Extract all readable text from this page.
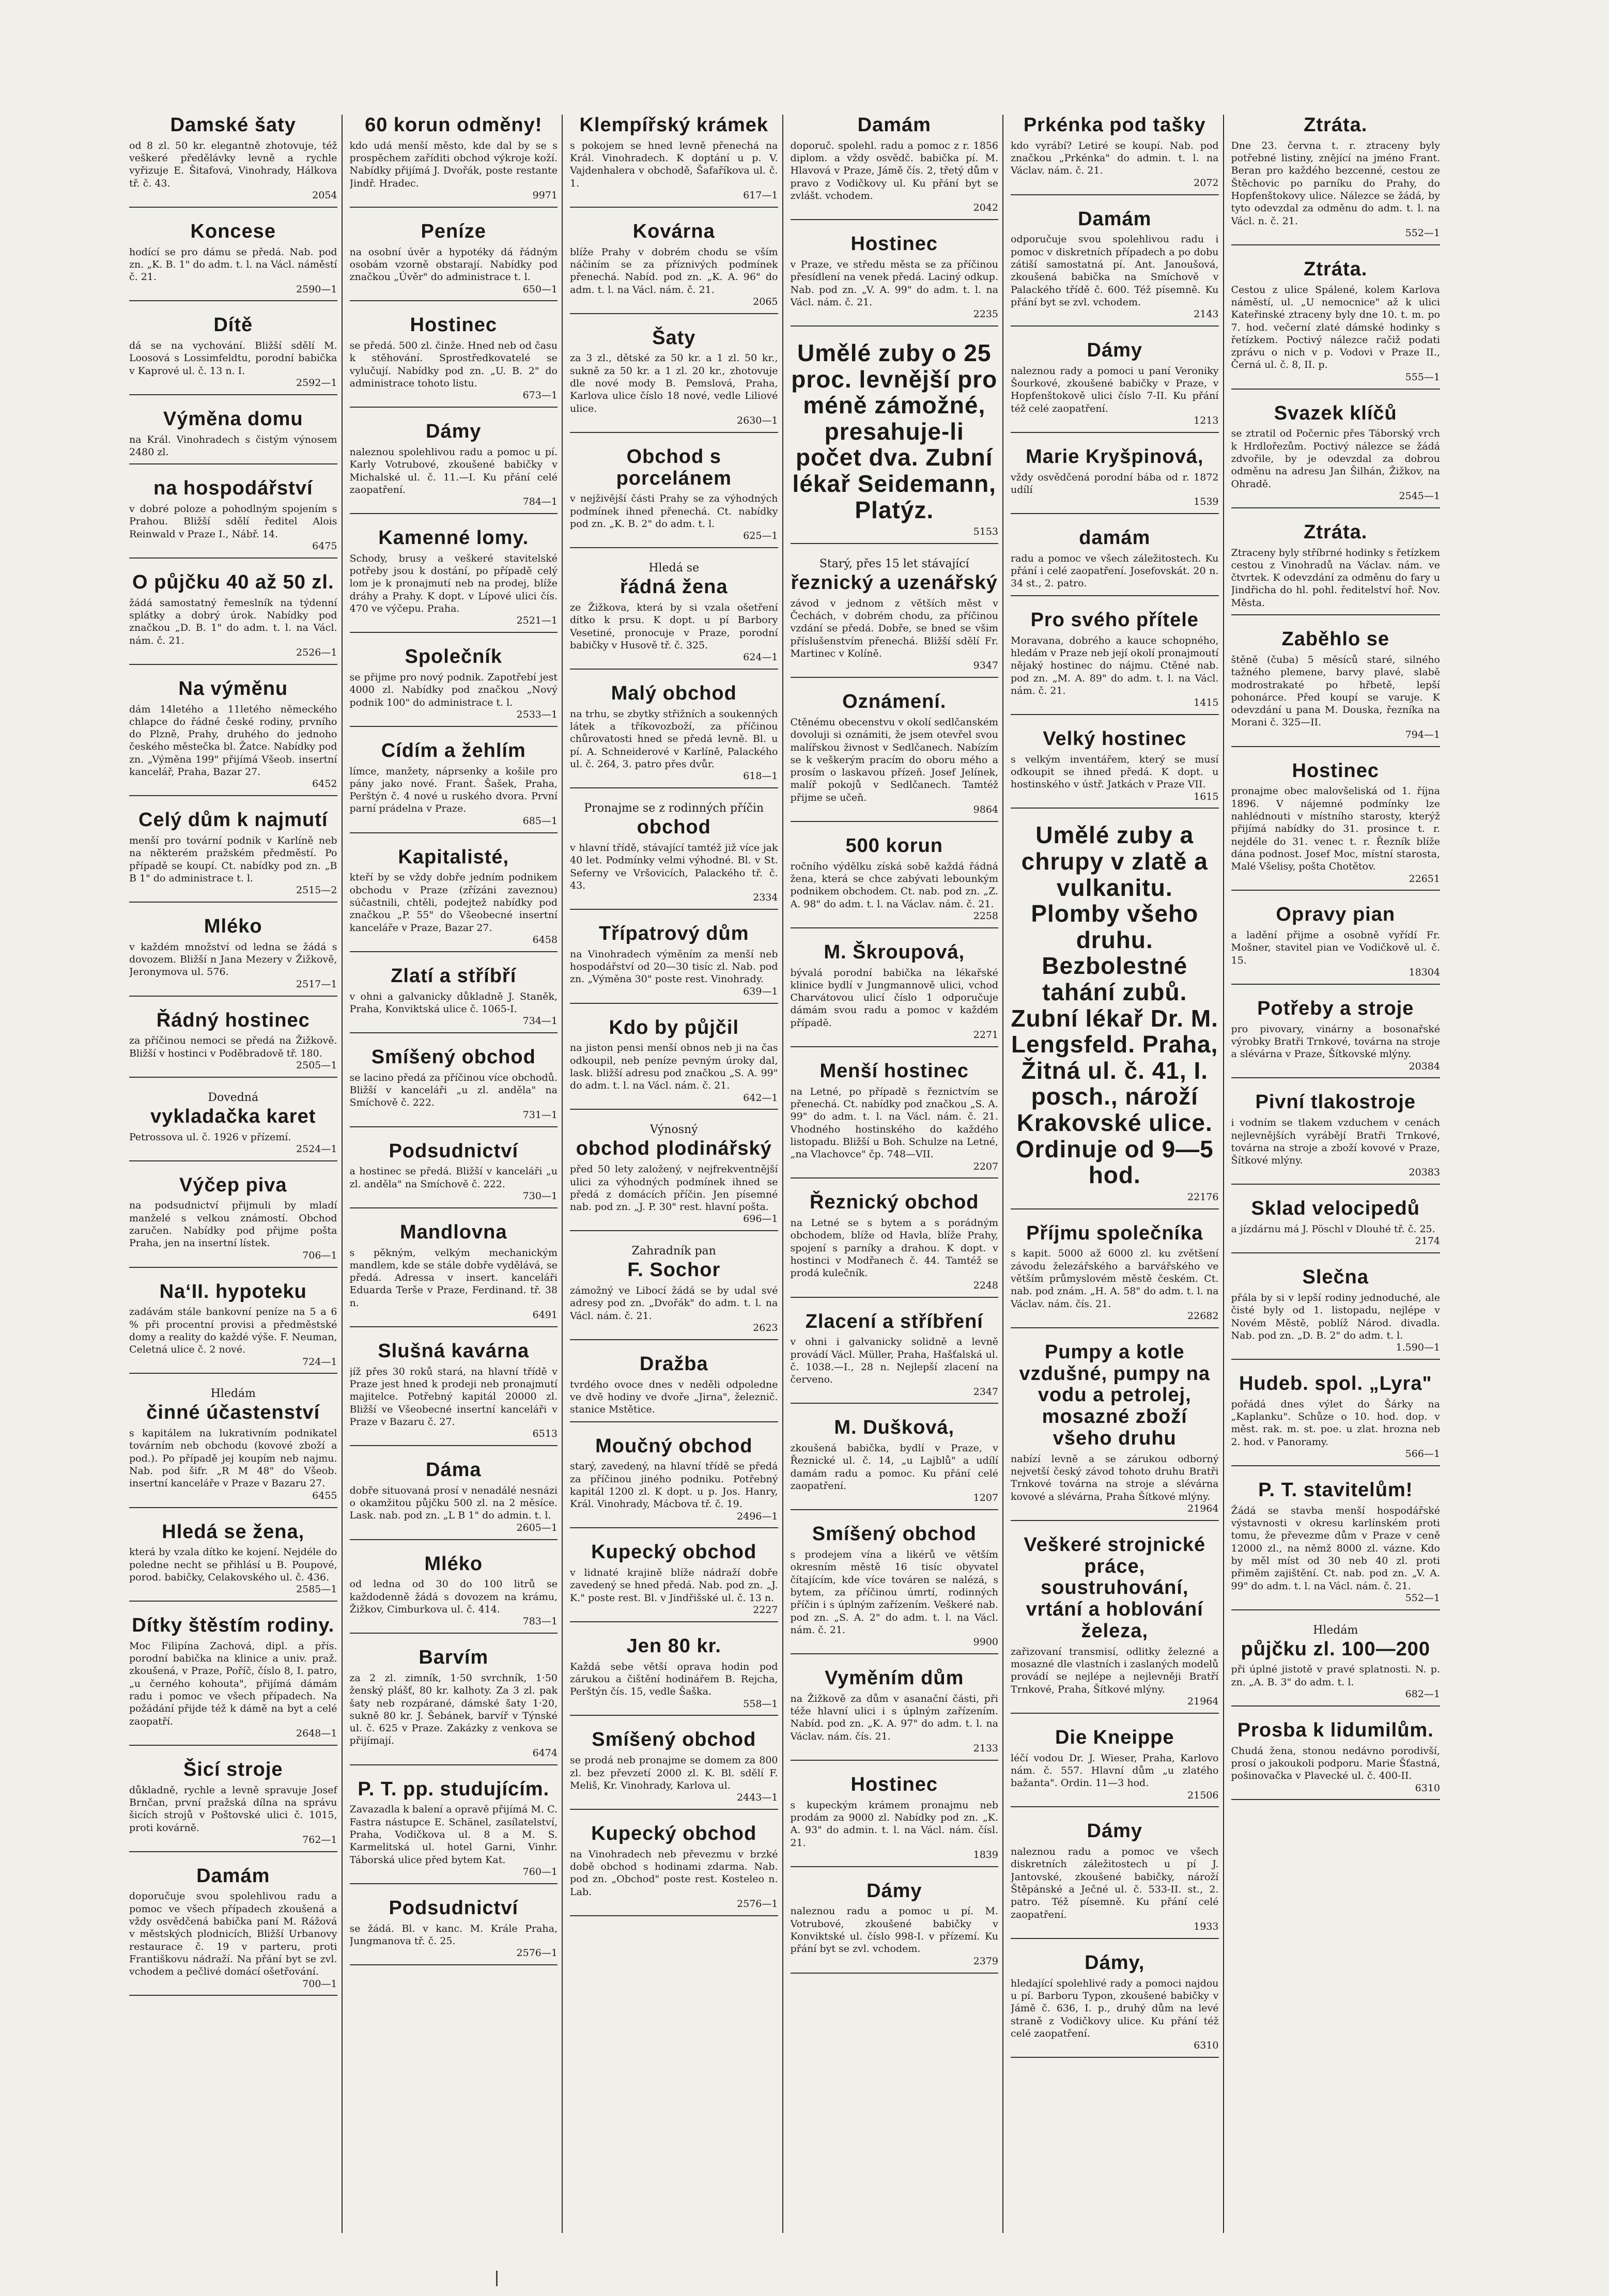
Damské šaty

od 8 zl. 50 kr. elegantně zhotovuje, též veškeré předělávky levně a rychle vyřizuje E. Šitafová, Vinohrady, Hálkova tř. č. 43.

2054
Koncese

hodící se pro dámu se předá. Nab. pod zn. „K. B. 1" do adm. t. l. na Václ. náměstí č. 21.

2590—1
Dítě

dá se na vychování. Bližší sdělí M. Loosová s Lossimfeldtu, porodní babička v Kaprové ul. č. 13 n. I.

2592—1
Výměna domu

na Král. Vinohradech s čistým výnosem 2480 zl.

na hospodářství

v dobré poloze a pohodlným spojením s Prahou. Bližší sdělí ředitel Alois Reinwald v Praze I., Nábř. 14.

6475
O půjčku 40 až 50 zl.

žádá samostatný řemeslník na týdenní splátky a dobrý úrok. Nabídky pod značkou „D. B. 1" do adm. t. l. na Václ. nám. č. 21.

2526—1
Na výměnu

dám 14letého a 11letého německého chlapce do řádné české rodiny, prvního do Plzně, Prahy, druhého do jednoho českého městečka bl. Žatce. Nabídky pod zn. „Výměna 199" přijímá Všeob. insertní kancelář, Praha, Bazar 27.

6452
Celý dům k najmutí

menší pro tovární podnik v Karlíně neb na některém pražském předměstí. Po případě se koupí. Ct. nabídky pod zn. „B B 1" do administrace t. l.

2515—2
Mléko

v každém množství od ledna se žádá s dovozem. Bližší n Jana Mezery v Žižkově, Jeronymova ul. 576.

2517—1
Řádný hostinec

za příčinou nemoci se předá na Žižkově. Bližší v hostinci v Poděbradově tř. 180.

2505—1
Dovedná
vykladačka karet

Petrossova ul. č. 1926 v přízemí.

2524—1
Výčep piva

na podsudnictví přijmuli by mladí manželé s velkou známostí. Obchod zaručen. Nabídky pod přijme pošta Praha, jen na insertní lístek.

706—1
Na‘II. hypoteku

zadávám stále bankovní peníze na 5 a 6 % při procentní provisi a předměstské domy a reality do každé výše. F. Neuman, Celetná ulice č. 2 nové.

724—1
Hledám
činné účastenství

s kapitálem na lukrativním podnikatel továrním neb obchodu (kovové zboží a pod.). Po případě jej koupím neb najmu. Nab. pod šifr. „R M 48" do Všeob. insertní kanceláře v Praze v Bazaru 27.

6455
Hledá se žena,

která by vzala dítko ke kojení. Nejdéle do poledne necht se přihlásí u B. Poupové, porod. babičky, Celakovského ul. č. 436.

2585—1
Dítky štěstím rodiny.

Moc Filipína Zachová, dipl. a přís. porodní babička na klinice a univ. praž. zkoušená, v Praze, Poříč, číslo 8, I. patro, „u černého kohouta", přijímá dámám radu i pomoc ve všech případech. Na požádání přijde též k dámě na byt a celé zaopatří.

2648—1
Šicí stroje

důkladně, rychle a levně spravuje Josef Brnčan, první pražská dílna na správu šicích strojů v Poštovské ulici č. 1015, proti kovárně.

762—1
Damám

doporučuje svou spolehlivou radu a pomoc ve všech případech zkoušená a vždy osvědčená babička paní M. Rážová v městských plodnicích, Bližší Urbanovy restaurace č. 19 v parteru, proti Františkovu nádraží. Na přání byt se zvl. vchodem a pečlivé domácí ošetřování.

700—1
60 korun odměny!

kdo udá menší město, kde dal by se s prospěchem zaříditi obchod výkroje koží. Nabídky přijímá J. Dvořák, poste restante Jindř. Hradec.

9971
Peníze

na osobní úvěr a hypotéky dá řádným osobám vzorně obstarají. Nabídky pod značkou „Úvěr" do administrace t. l.

650—1
Hostinec

se předá. 500 zl. činže. Hned neb od času k stěhování. Sprostředkovatelé se vylučují. Nabídky pod zn. „U. B. 2" do administrace tohoto listu.

673—1
Dámy

naleznou spolehlivou radu a pomoc u pí. Karly Votrubové, zkoušené babičky v Michalské ul. č. 11.—I. Ku přání celé zaopatření.

784—1
Kamenné lomy.

Schody, brusy a veškeré stavitelské potřeby jsou k dostání, po případě celý lom je k pronajmutí neb na prodej, blíže dráhy a Prahy. K dopt. v Lípové ulici čís. 470 ve výčepu. Praha.

2521—1
Společník

se přijme pro nový podnik. Zapotřebí jest 4000 zl. Nabídky pod značkou „Nový podnik 100" do administrace t. l.

2533—1
Cídím a žehlím

límce, manžety, náprsenky a košile pro pány jako nové. Frant. Šašek, Praha, Perštýn č. 4 nové u ruského dvora. První parní prádelna v Praze.

685—1
Kapitalisté,

kteří by se vždy dobře jedním podnikem obchodu v Praze (zřízáni zaveznou) súčastnili, chtěli, podejtež nabídky pod značkou „P. 55" do Všeobecné insertní kanceláře v Praze, Bazar 27.

6458
Zlatí a stříbří

v ohni a galvanicky důkladně J. Staněk, Praha, Konviktská ulice č. 1065-I.

734—1
Smíšený obchod

se lacino předá za příčinou více obchodů. Bližší v kanceláři „u zl. anděla" na Smíchově č. 222.

731—1
Podsudnictví

a hostinec se předá. Bližší v kanceláři „u zl. anděla" na Smíchově č. 222.

730—1
Mandlovna

s pěkným, velkým mechanickým mandlem, kde se stále dobře vydělává, se předá. Adressa v insert. kanceláři Eduarda Terše v Praze, Ferdinand. tř. 38 n.

6491
Slušná kavárna

jíž přes 30 roků stará, na hlavní třídě v Praze jest hned k prodeji neb pronajmutí majitelce. Potřebný kapitál 20000 zl. Bližší ve Všeobecné insertní kanceláři v Praze v Bazaru č. 27.

6513
Dáma

dobře situovaná prosí v nenadálé nesnázi o okamžitou půjčku 500 zl. na 2 měsíce. Lask. nab. pod zn. „L B 1" do admin. t. l.

2605—1
Mléko

od ledna od 30 do 100 litrů se každodenně žádá s dovozem na krámu, Žižkov, Cimburkova ul. č. 414.

783—1
Barvím

za 2 zl. zimník, 1·50 svrchník, 1·50 ženský plášť, 80 kr. kalhoty. Za 3 zl. pak šaty neb rozpárané, dámské šaty 1·20, sukně 80 kr. J. Šebánek, barvíř v Týnské ul. č. 625 v Praze. Zakázky z venkova se přijímají.

6474
P. T. pp. studujícím.

Zavazadla k balení a opravě přijímá M. C. Fastra nástupce E. Schänel, zasílatelství, Praha, Vodičkova ul. 8 a M. S. Karmelitská ul. hotel Garni, Vinhr. Táborská ulice před bytem Kat.

760—1
Podsudnictví

se žádá. Bl. v kanc. M. Krále Praha, Jungmanova tř. č. 25.

2576—1
Klempířský krámek

s pokojem se hned levně přenechá na Král. Vinohradech. K doptání u p. V. Vajdenhalera v obchodě, Šafaříkova ul. č. 1.

617—1
Kovárna

blíže Prahy v dobrém chodu se vším náčiním se za příznivých podmínek přenechá. Nabíd. pod zn. „K. A. 96" do adm. t. l. na Václ. nám. č. 21.

2065
Šaty

za 3 zl., dětské za 50 kr. a 1 zl. 50 kr., sukně za 50 kr. a 1 zl. 20 kr., zhotovuje dle nové mody B. Pemslová, Praha, Karlova ulice číslo 18 nové, vedle Liliové ulice.

2630—1
Obchod s porcelánem

v nejživější části Prahy se za výhodných podmínek ihned přenechá. Ct. nabídky pod zn. „K. B. 2" do adm. t. l.

625—1
Hledá se
řádná žena

ze Žižkova, která by si vzala ošetření dítko k prsu. K dopt. u pí Barbory Vesetiné, pronocuje v Praze, porodní babičky v Husově tř. č. 325.

624—1
Malý obchod

na trhu, se zbytky střižních a soukenných látek a tříkovozboží, za příčinou chůrovatosti hned se předá levně. Bl. u pí. A. Schneiderové v Karlíně, Palackého ul. č. 264, 3. patro přes dvůr.

618—1
Pronajme se z rodinných příčin
obchod

v hlavní třídě, stávající tamtéž již více jak 40 let. Podmínky velmi výhodné. Bl. v St. Seferny ve Vršovicích, Palackého tř. č. 43.

2334
Třípatrový dům

na Vinohradech výměním za menší neb hospodářství od 20—30 tisíc zl. Nab. pod zn. „Výměna 30" poste rest. Vinohrady.

639—1
Kdo by půjčil

na jiston pensi menší obnos neb ji na čas odkoupil, neb peníze pevným úroky dal, lask. bližší adresu pod značkou „S. A. 99" do adm. t. l. na Václ. nám. č. 21.

642—1
Výnosný
obchod plodinářský

před 50 lety založený, v nejfrekventnější ulici za výhodných podmínek ihned se předá z domácích příčin. Jen písemné nab. pod zn. „J. P. 30" rest. hlavní pošta.

696—1
Zahradník pan
F. Sochor

zámožný ve Libocí žádá se by udal své adresy pod zn. „Dvořák" do adm. t. l. na Václ. nám. č. 21.

2623
Dražba

tvrdého ovoce dnes v neděli odpoledne ve dvě hodiny ve dvoře „Jirna", železnič. stanice Mstětice.

Moučný obchod

starý, zavedený, na hlavní třídě se předá za příčinou jiného podniku. Potřebný kapitál 1200 zl. K dopt. u p. Jos. Hanry, Král. Vinohrady, Mácbova tř. č. 19.

2496—1
Kupecký obchod

v lidnaté krajině blíže nádraží dobře zavedený se hned předá. Nab. pod zn. „J. K." poste rest. Bl. v Jindřišské ul. č. 13 n.

2227
Jen 80 kr.

Každá sebe větší oprava hodin pod zárukou a čištění hodinářem B. Rejcha, Perštýn čís. 15, vedle Šaška.

558—1
Smíšený obchod

se prodá neb pronajme se domem za 800 zl. bez převzetí 2000 zl. K. Bl. sdělí F. Meliš, Kr. Vinohrady, Karlova ul.

2443—1
Kupecký obchod

na Vinohradech neb převezmu v brzké době obchod s hodinami zdarma. Nab. pod zn. „Obchod" poste rest. Kosteleo n. Lab.

2576—1
Damám

doporuč. spolehl. radu a pomoc z r. 1856 diplom. a vždy osvědč. babička pí. M. Hlavová v Praze, Jámě čís. 2, třetý dům v pravo z Vodičkovy ul. Ku přání byt se zvlášt. vchodem.

2042
Hostinec

v Praze, ve středu města se za příčinou přesídlení na venek předá. Laciný odkup. Nab. pod zn. „V. A. 99" do adm. t. l. na Václ. nám. č. 21.

2235
Umělé zuby o 25 proc. levnější pro méně zámožné, presahuje-li počet dva. Zubní lékař Seidemann, Platýz.
5153
Starý, přes 15 let stávající
řeznický a uzenářský

závod v jednom z větších měst v Čechách, v dobrém chodu, za příčinou vzdání se předá. Dobře, se bned se všim příslušenstvím přenechá. Bližší sdělí Fr. Martinec v Kolíně.

9347
Oznámení.

Ctěnému obecenstvu v okolí sedlčanském dovoluji si oznámiti, že jsem otevřel svou malířskou živnost v Sedlčanech. Nabízím se k veškerým pracím do oboru mého a prosím o laskavou přízeň. Josef Jelínek, malíř pokojů v Sedlčanech. Tamtéž přijme se učeň.

9864
500 korun

ročního výdělku získá sobě každá řádná žena, která se chce zabývati lebounkým podnikem obchodem. Ct. nab. pod zn. „Z. A. 98" do adm. t. l. na Václav. nám. č. 21.

2258
M. Škroupová,

bývalá porodní babička na lékařské klinice bydlí v Jungmannově ulici, vchod Charvátovou ulicí číslo 1 odporučuje dámám svou radu a pomoc v každém případě.

2271
Menší hostinec

na Letné, po případě s řeznictvím se přenechá. Ct. nabídky pod značkou „S. A. 99" do adm. t. l. na Václ. nám. č. 21. Vhodného hostinského do každého listopadu. Bližší u Boh. Schulze na Letné, „na Vlachovce" čp. 748—VII.

2207
Řeznický obchod

na Letné se s bytem a s porádným obchodem, blíže od Havla, blíže Prahy, spojení s parníky a drahou. K dopt. v hostinci v Modřanech č. 44. Tamtéž se prodá kulečník.

2248
Zlacení a stříbření

v ohni i galvanicky solidně a levně provádí Václ. Müller, Praha, Hašťalská ul. č. 1038.—I., 28 n. Nejlepší zlacení na červeno.

2347
M. Dušková,

zkoušená babička, bydlí v Praze, v Řeznické ul. č. 14, „u Lajblů" a udílí damám radu a pomoc. Ku přání celé zaopatření.

1207
Smíšený obchod

s prodejem vína a likérů ve větším okresním městě 16 tisíc obyvatel čítajícím, kde více továren se nalézá, s bytem, za příčinou úmrtí, rodinných příčin i s úplným zařízením. Veškeré nab. pod zn. „S. A. 2" do adm. t. l. na Václ. nám. č. 21.

9900
Vyměním dům

na Žižkově za dům v asanační části, při téže hlavní ulici i s úplným zařízením. Nabíd. pod zn. „K. A. 97" do adm. t. l. na Václav. nám. čís. 21.

2133
Hostinec

s kupeckým krámem pronajmu neb prodám za 9000 zl. Nabídky pod zn. „K. A. 93" do admin. t. l. na Václ. nám. čísl. 21.

1839
Dámy

naleznou radu a pomoc u pí. M. Votrubové, zkoušené babičky v Konviktské ul. číslo 998-I. v přízemí. Ku přání byt se zvl. vchodem.

2379
Prkénka pod tašky

kdo vyrábí? Letiré se koupí. Nab. pod značkou „Prkénka" do admin. t. l. na Václav. nám. č. 21.

2072
Damám

odporučuje svou spolehlivou radu i pomoc v diskretních případech a po dobu zátiší samostatná pí. Ant. Janoušová, zkoušená babička na Smíchově v Palackého třídě č. 600. Též písemně. Ku přání byt se zvl. vchodem.

2143
Dámy

naleznou rady a pomoci u paní Veroniky Šourkové, zkoušené babičky v Praze, v Hopfenštokově ulici číslo 7-II. Ku přání též celé zaopatření.

1213
Marie Kryšpinová,

vždy osvědčená porodní bába od r. 1872 udílí

1539
damám

radu a pomoc ve všech záležitostech. Ku přání i celé zaopatření. Josefovskát. 20 n. 34 st., 2. patro.

Pro svého přítele

Moravana, dobrého a kauce schopného, hledám v Praze neb její okolí pronajmoutí nějaký hostinec do nájmu. Ctěné nab. pod zn. „M. A. 89" do adm. t. l. na Václ. nám. č. 21.

1415
Velký hostinec

s velkým inventářem, který se musí odkoupit se ihned předá. K dopt. u hostinského v ústř. Jatkách v Praze VII.

1615
Umělé zuby a chrupy v zlatě a vulkanitu. Plomby všeho druhu. Bezbolestné tahání zubů. Zubní lékař Dr. M. Lengsfeld. Praha, Žitná ul. č. 41, I. posch., nároží Krakovské ulice. Ordinuje od 9—5 hod.
22176
Příjmu společníka

s kapit. 5000 až 6000 zl. ku zvětšení závodu železářského a barvářského ve větším průmyslovém městě českém. Ct. nab. pod znám. „H. A. 58" do adm. t. l. na Václav. nám. čís. 21.

22682
Pumpy a kotle vzdušné, pumpy na vodu a petrolej, mosazné zboží všeho druhu

nabízí levně a se zárukou odborný nejvetší český závod tohoto druhu Bratři Trnkové továrna na stroje a slévárna kovové a slévárna, Praha Šítkové mlýny.

21964
Veškeré strojnické práce, soustruhování, vrtání a hoblování železa,

zařizovaní transmisí, odlitky železné a mosazné dle vlastních i zaslaných modelů provádí se nejlépe a nejlevněji Bratří Trnkové, Praha, Šítkové mlýny.

21964
Die Kneippe

léčí vodou Dr. J. Wieser, Praha, Karlovo nám. č. 557. Hlavní dům „u zlatého bažanta". Ordin. 11—3 hod.

21506
Dámy

naleznou radu a pomoc ve všech diskretních záležitostech u pí J. Jantovské, zkoušené babičky, nároží Štěpánské a Ječné ul. č. 533-II. st., 2. patro. Též písemně. Ku přání celé zaopatření.

1933
Dámy,

hledající spolehlivé rady a pomoci najdou u pí. Barboru Typon, zkoušené babičky v Jámě č. 636, I. p., druhý dům na levé straně z Vodičkovy ulice. Ku přání též celé zaopatření.

6310
Ztráta.

Dne 23. června t. r. ztraceny byly potřebné listiny, znějící na jméno Frant. Beran pro každého bezcenné, cestou ze Štěchovic po parníku do Prahy, do Hopfenštokovy ulice. Nálezce se žádá, by tyto odevzdal za odměnu do adm. t. l. na Václ. n. č. 21.

552—1
Ztráta.

Cestou z ulice Spálené, kolem Karlova náměstí, ul. „U nemocnice" až k ulici Kateřinské ztraceny byly dne 10. t. m. po 7. hod. večerní zlaté dámské hodinky s řetízkem. Poctivý nálezce račiž podati zprávu o nich v p. Vodovi v Praze II., Černá ul. č. 8, II. p.

555—1
Svazek klíčů

se ztratil od Počernic přes Táborský vrch k Hrdlořezům. Poctivý nálezce se žádá zdvořile, by je odevzdal za dobrou odměnu na adresu Jan Šilhán, Žižkov, na Ohradě.

2545—1
Ztráta.

Ztraceny byly stříbrné hodinky s řetízkem cestou z Vinohradů na Václav. nám. ve čtvrtek. K odevzdání za odměnu do fary u Jindřicha do hl. pohl. ředitelství hoř. Nov. Města.

Zaběhlo se

štěně (čuba) 5 měsíců staré, silného tažného plemene, barvy plavé, slabě modrostrakaté po hřbetě, lepší pohonárce. Před koupí se varuje. K odevzdání u pana M. Douska, řezníka na Morani č. 325—II.

794—1
Hostinec

pronajme obec malovšeliská od 1. října 1896. V nájemné podmínky lze nahlédnouti v místního starosty, kterýž přijímá nabídky do 31. prosince t. r. nejdéle do 31. venec t. r. Řezník blíže dána podnost. Josef Moc, místní starosta, Malé Všelisy, pošta Chotětov.

22651
Opravy pian

a ladění přijme a osobně vyřídí Fr. Mošner, stavitel pian ve Vodičkově ul. č. 15.

18304
Potřeby a stroje

pro pivovary, vinárny a bosonařské výrobky Bratři Trnkové, továrna na stroje a slévárna v Praze, Šítkovské mlýny.

20384
Pivní tlakostroje

i vodním se tlakem vzduchem v cenách nejlevnějších vyrábějí Bratři Trnkové, továrna na stroje a zboží kovové v Praze, Šítkové mlýny.

20383
Sklad velocipedů

a jízdárnu má J. Pöschl v Dlouhé tř. č. 25.

2174
Slečna

přála by si v lepší rodiny jednoduché, ale čisté byly od 1. listopadu, nejlépe v Novém Městě, poblíž Národ. divadla. Nab. pod zn. „D. B. 2" do adm. t. l.

1.590—1
Hudeb. spol. „Lyra"

pořádá dnes výlet do Šárky na „Kaplanku". Schůze o 10. hod. dop. v měst. rak. m. st. poe. u zlat. hrozna neb 2. hod. v Panoramy.

566—1
P. T. stavitelům!

Žádá se stavba menší hospodářské výstavnosti v okresu karlínském proti tomu, že převezme dům v Praze v ceně 12000 zl., na němž 8000 zl. vázne. Kdo by měl míst od 30 neb 40 zl. proti přiměm zajištění. Ct. nab. pod zn. „V. A. 99" do adm. t. l. na Václ. nám. č. 21.

552—1
Hledám
půjčku zl. 100—200

při úplné jistotě v pravé splatnosti. N. p. zn. „A. B. 3" do adm. t. l.

682—1
Prosba k lidumilům.

Chudá žena, stonou nedávno porodivší, prosí o jakoukoli podporu. Marie Šťastná, pošinovačka v Plavecké ul. č. 400-II.

6310
